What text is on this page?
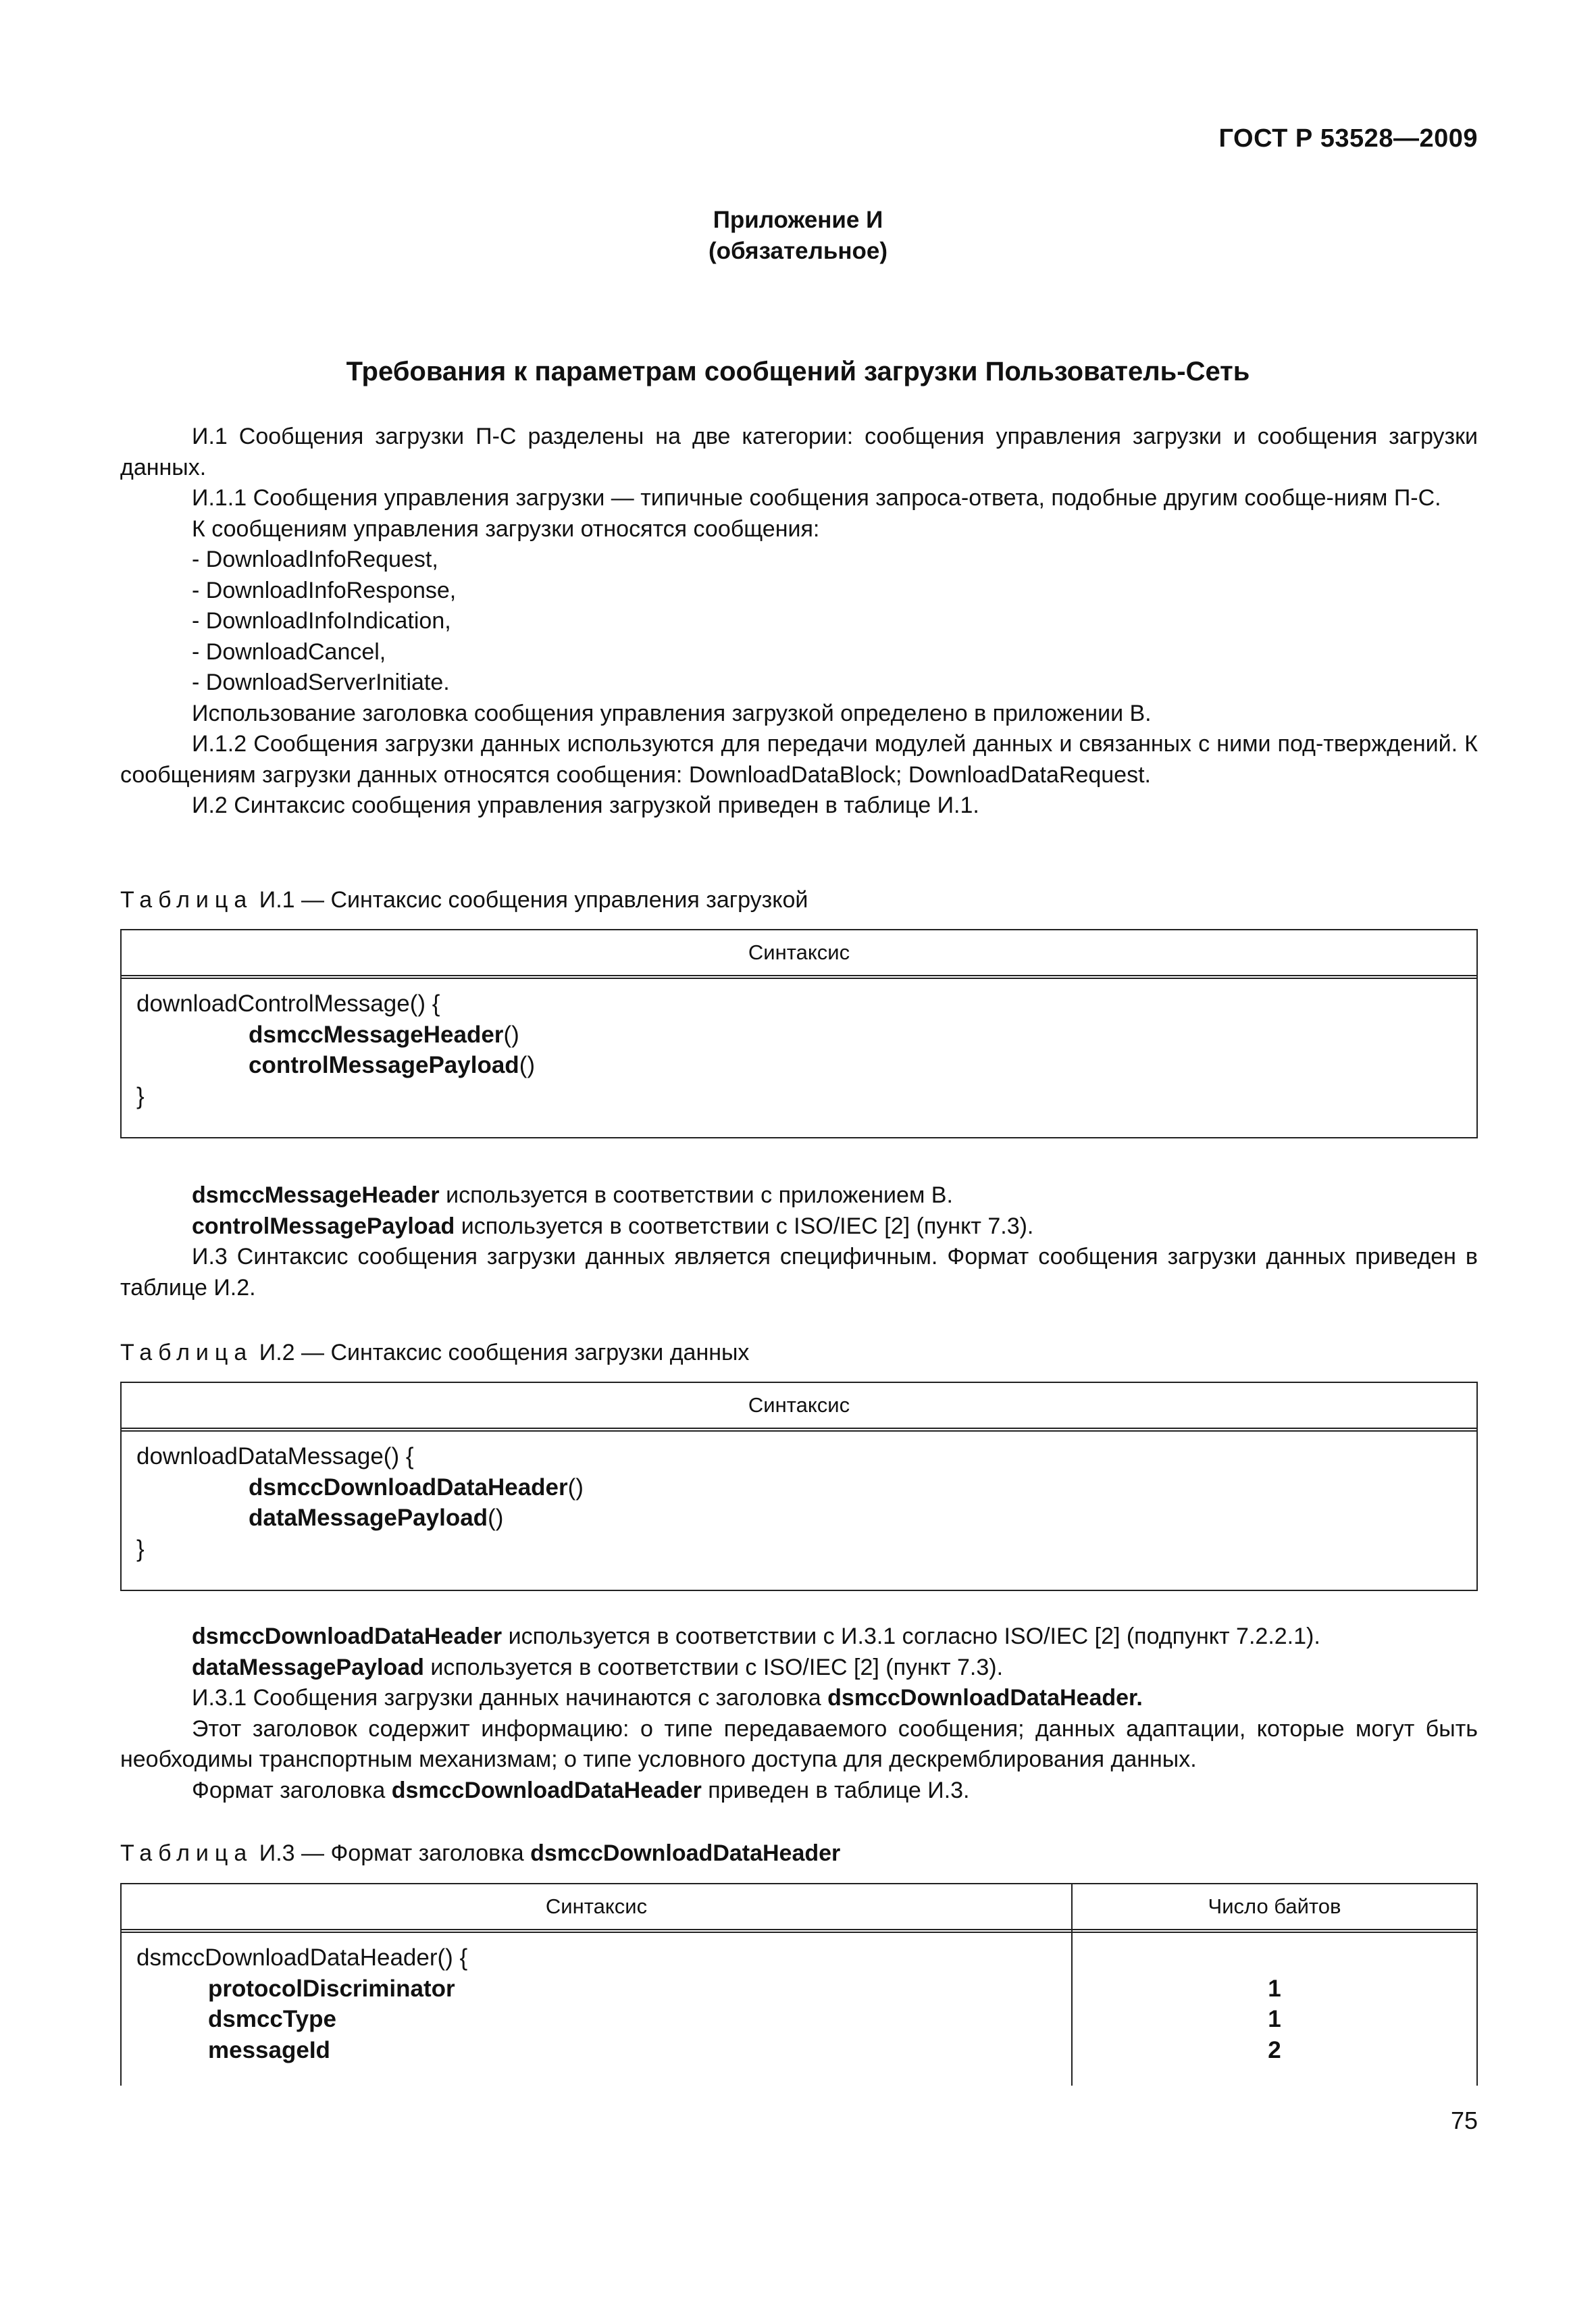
ГОСТ Р 53528—2009
Приложение И
(обязательное)
Требования к параметрам сообщений загрузки Пользователь-Сеть

И.1 Сообщения загрузки П-С разделены на две категории: сообщения управления загрузки и сообщения загрузки данных.

И.1.1 Сообщения управления загрузки — типичные сообщения запроса-ответа, подобные другим сообще-ниям П-С.

К сообщениям управления загрузки относятся сообщения:

- DownloadInfoRequest,

- DownloadInfoResponse,

- DownloadInfoIndication,

- DownloadCancel,

- DownloadServerInitiate.

Использование заголовка сообщения управления загрузкой определено в приложении В.

И.1.2 Сообщения загрузки данных используются для передачи модулей данных и связанных с ними под-тверждений. К сообщениям загрузки данных относятся сообщения: DownloadDataBlock; DownloadDataRequest.

И.2 Синтаксис сообщения управления загрузкой приведен в таблице И.1.

Таблица И.1 — Синтаксис сообщения управления загрузкой
Синтаксис
downloadControlMessage() {
dsmccMessageHeader()
controlMessagePayload()
}

dsmccMessageHeader используется в соответствии с приложением В.

controlMessagePayload используется в соответствии с ISO/IEC [2] (пункт 7.3).

И.3 Синтаксис сообщения загрузки данных является специфичным. Формат сообщения загрузки данных приведен в таблице И.2.

Таблица И.2 — Синтаксис сообщения загрузки данных
Синтаксис
downloadDataMessage() {
dsmccDownloadDataHeader()
dataMessagePayload()
}

dsmccDownloadDataHeader используется в соответствии с И.3.1 согласно ISO/IEC [2] (подпункт 7.2.2.1).

dataMessagePayload используется в соответствии с ISO/IEC [2] (пункт 7.3).

И.3.1 Сообщения загрузки данных начинаются с заголовка dsmccDownloadDataHeader.

Этот заголовок содержит информацию: о типе передаваемого сообщения; данных адаптации, которые могут быть необходимы транспортным механизмам; о типе условного доступа для дескремблирования данных.

Формат заголовка dsmccDownloadDataHeader приведен в таблице И.3.

Таблица И.3 — Формат заголовка dsmccDownloadDataHeader
Синтаксис
dsmccDownloadDataHeader() {
protocolDiscriminator
dsmccType
messageId
Число байтов

1
1
2
75
